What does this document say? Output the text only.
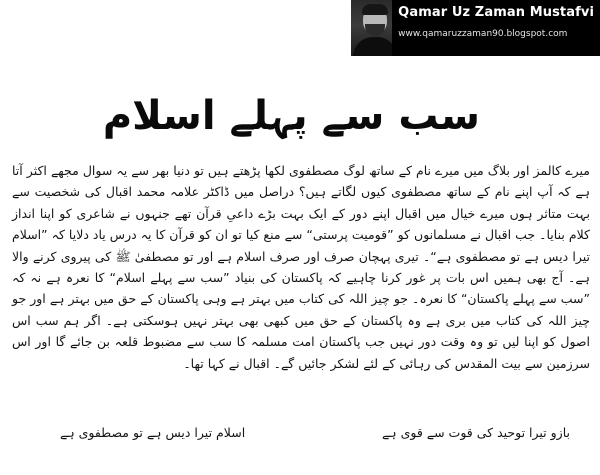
Qamar Uz Zaman Mustafvi
www.qamaruzzaman90.blogspot.com
سب سے پہلے اسلام

میرے کالمز اور بلاگ میں میرے نام کے ساتھ لوگ مصطفوی لکھا پڑھتے ہیں تو دنیا بھر سے یہ سوال مجھے اکثر آتا ہے کہ آپ اپنے نام کے ساتھ مصطفوی کیوں لگاتے ہیں؟ دراصل میں ڈاکٹر علامہ محمد اقبال کی شخصیت سے بہت متاثر ہوں میرے خیال میں اقبال اپنے دور کے ایک بہت بڑے داعیِ قرآن تھے جنہوں نے شاعری کو اپنا انداز کلام بنایا۔ جب اقبال نے مسلمانوں کو ”قومیت پرستی“ سے منع کیا تو ان کو قرآن کا یہ درس یاد دلایا کہ ”اسلام تیرا دیس ہے تو مصطفوی ہے“۔ تیری پہچان صرف اور صرف اسلام ہے اور تو مصطفیٰ ﷺ کی پیروی کرنے والا ہے۔ آج بھی ہمیں اس بات پر غور کرنا چاہیے کہ پاکستان کی بنیاد ”سب سے پہلے اسلام“ کا نعرہ ہے نہ کہ ”سب سے پہلے پاکستان“ کا نعرہ۔ جو چیز اللہ کی کتاب میں بہتر ہے وہی پاکستان کے حق میں بہتر ہے اور جو چیز اللہ کی کتاب میں بری ہے وہ پاکستان کے حق میں کبھی بھی بہتر نہیں ہوسکتی ہے۔ اگر ہم سب اس اصول کو اپنا لیں تو وہ وقت دور نہیں جب پاکستان امت مسلمہ کا سب سے مضبوط قلعہ بن جائے گا اور اس سرزمین سے بیت المقدس کی رہائی کے لئے لشکر جائیں گے۔ اقبال نے کہا تھا۔

بازو تیرا توحید کی قوت سے قوی ہے
اسلام تیرا دیس ہے تو مصطفوی ہے
